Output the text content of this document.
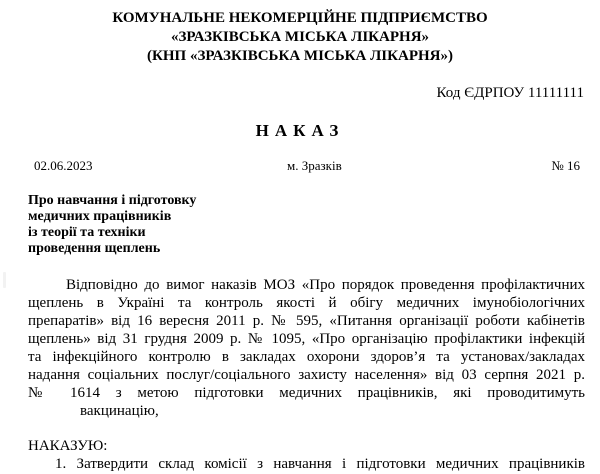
КОМУНАЛЬНЕ НЕКОМЕРЦІЙНЕ ПІДПРИЄМСТВО
«ЗРАЗКІВСЬКА МІСЬКА ЛІКАРНЯ»
(КНП «ЗРАЗКІВСЬКА МІСЬКА ЛІКАРНЯ»)
Код ЄДРПОУ 11111111
НАКАЗ
02.06.2023	м. Зразків	№ 16
Про навчання і підготовку
медичних працівників
із теорії та техніки
проведення щеплень
Відповідно до вимог наказів МОЗ «Про порядок проведення профілактичних
щеплень в Україні та контроль якості й обігу медичних імунобіологічних
препаратів» від 16 вересня 2011 р. № 595, «Питання організації роботи кабінетів
щеплень» від 31 грудня 2009 р. № 1095, «Про організацію профілактики інфекцій
та інфекційного контролю в закладах охорони здоров’я та установах/закладах
надання соціальних послуг/соціального захисту населення» від 03 серпня 2021 р.
№ 1614 з метою підготовки медичних працівників, які проводитимуть
вакцинацію,
НАКАЗУЮ:
1. Затвердити склад комісії з навчання і підготовки медичних працівників
